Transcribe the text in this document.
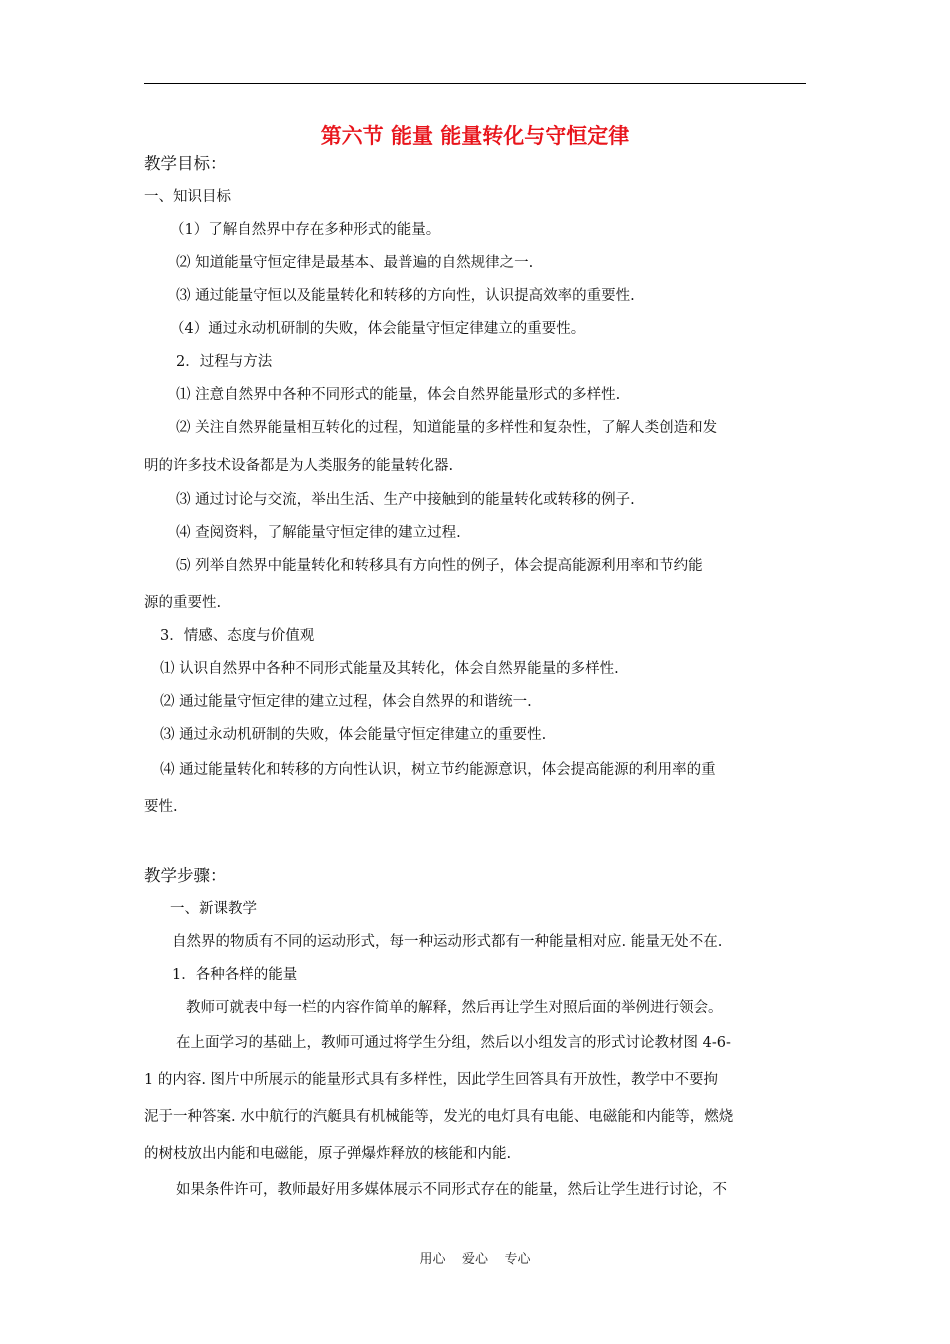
第六节 能量 能量转化与守恒定律
教学目标：
一、知识目标
（1）了解自然界中存在多种形式的能量。
⑵ 知道能量守恒定律是最基本、最普遍的自然规律之一.
⑶ 通过能量守恒以及能量转化和转移的方向性，认识提高效率的重要性.
（4）通过永动机研制的失败，体会能量守恒定律建立的重要性。
2．过程与方法
⑴ 注意自然界中各种不同形式的能量，体会自然界能量形式的多样性.
⑵ 关注自然界能量相互转化的过程，知道能量的多样性和复杂性，了解人类创造和发
明的许多技术设备都是为人类服务的能量转化器.
⑶ 通过讨论与交流，举出生活、生产中接触到的能量转化或转移的例子.
⑷ 查阅资料，了解能量守恒定律的建立过程.
⑸ 列举自然界中能量转化和转移具有方向性的例子，体会提高能源利用率和节约能
源的重要性.
3．情感、态度与价值观
⑴ 认识自然界中各种不同形式能量及其转化，体会自然界能量的多样性.
⑵ 通过能量守恒定律的建立过程，体会自然界的和谐统一.
⑶ 通过永动机研制的失败，体会能量守恒定律建立的重要性.
⑷ 通过能量转化和转移的方向性认识，树立节约能源意识，体会提高能源的利用率的重
要性.
教学步骤：
一、新课教学
自然界的物质有不同的运动形式，每一种运动形式都有一种能量相对应. 能量无处不在.
1．各种各样的能量
教师可就表中每一栏的内容作简单的解释，然后再让学生对照后面的举例进行领会。
在上面学习的基础上，教师可通过将学生分组，然后以小组发言的形式讨论教材图 4-6-
1 的内容. 图片中所展示的能量形式具有多样性，因此学生回答具有开放性，教学中不要拘
泥于一种答案. 水中航行的汽艇具有机械能等，发光的电灯具有电能、电磁能和内能等，燃烧
的树枝放出内能和电磁能，原子弹爆炸释放的核能和内能.
如果条件许可，教师最好用多媒体展示不同形式存在的能量，然后让学生进行讨论，不
用心    爱心    专心
